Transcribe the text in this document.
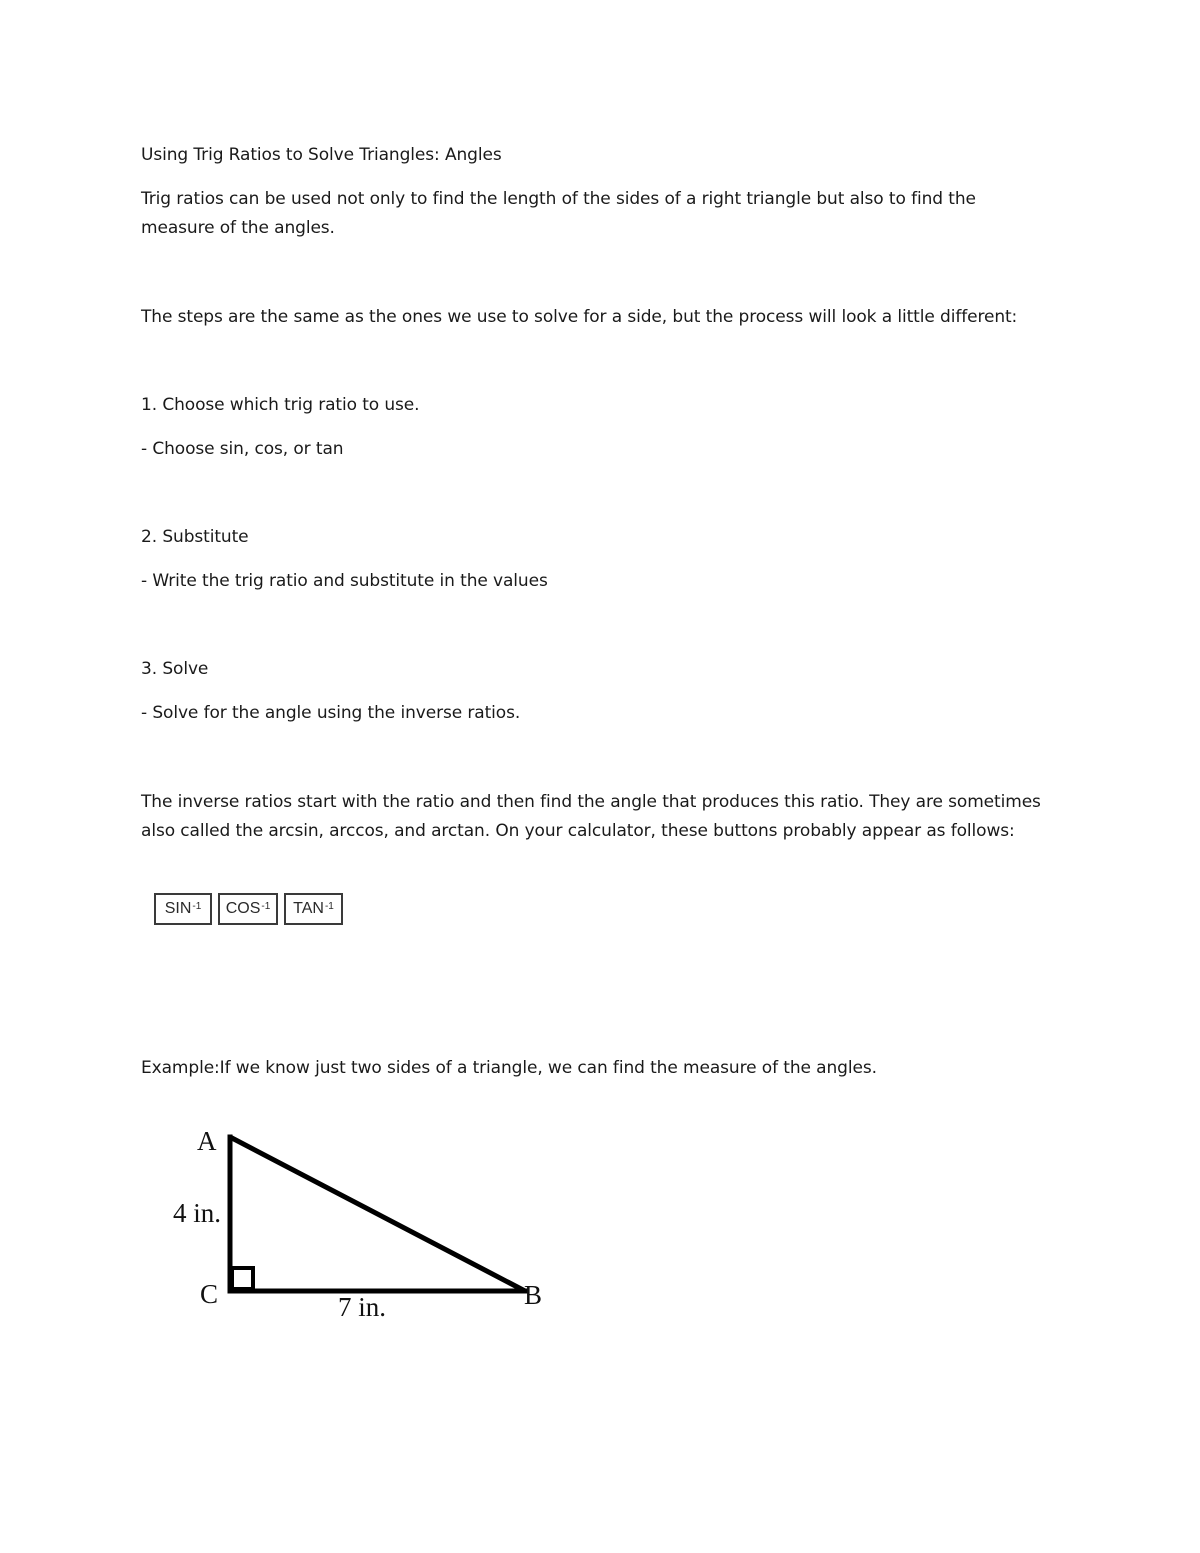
Using Trig Ratios to Solve Triangles: Angles
Trig ratios can be used not only to find the length of the sides of a right triangle but also to find the measure of the angles.
The steps are the same as the ones we use to solve for a side, but the process will look a little different:
1. Choose which trig ratio to use.
- Choose sin, cos, or tan
2. Substitute
- Write the trig ratio and substitute in the values
3. Solve
- Solve for the angle using the inverse ratios.
The inverse ratios start with the ratio and then find the angle that produces this ratio. They are sometimes also called the arcsin, arccos, and arctan. On your calculator, these buttons probably appear as follows:
$SIN^{-1}$ $COS^{-1}$ $TAN^{-1}$
Example:If we know just two sides of a triangle, we can find the measure of the angles.
A
4 in.
C	7 in.	B
